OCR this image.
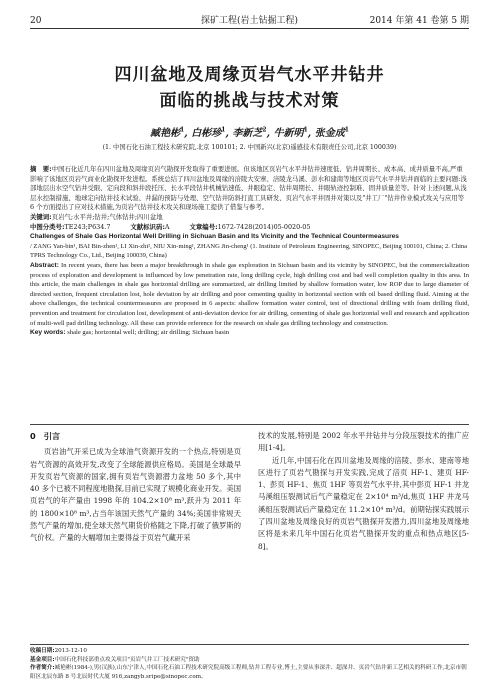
20	探矿工程(岩土钻掘工程)	2014 年第 41 卷第 5 期
四川盆地及周缘页岩气水平井钻井
面临的挑战与技术对策
臧艳彬$^1$, 白彬珍$^1$, 李新芝$^2$, 牛新明$^1$, 张金成$^1$
(1. 中国石化石油工程技术研究院,北京 100101; 2. 中国新兴(北京)遥感技术有限责任公司,北京 100039)

摘　要:中国石化近几年在四川盆地及周缘页岩气勘探开发取得了重要进展。但该地区页岩气水平井钻井速度低、钻井周期长、成本高、成井质量不高,严重影响了该地区页岩气商业化勘探开发进程。系统总结了四川盆地及周缘的涪陵大安寨、涪陵龙马溪、彭水和建南等地区页岩气水平井钻井面临的主要问题:浅部地层出水空气钻井受限、定向段和斜井段托压、长水平段钻井机械钻速低、井眼稳定、钻井周期长、井眼轨迹控制难、固井质量差等。针对上述问题,从浅层水控制措施、地球定向钻井技术试验、井漏的预防与处理、空气钻井防斜打直工具研发、页岩气水平井固井对策以及"井工厂"钻井作业模式攻关与应用等 6 个方面提出了应对技术措施,为页岩气钻井技术攻关和现场施工提供了借鉴与参考。

关键词:页岩气;水平井;钻井;气体钻井;四川盆地

中图分类号:TE243;P634.7	文献标识码:A	文章编号:1672-7428(2014)05-0020-05

Challenges of Shale Gas Horizontal Well Drilling in Sichuan Basin and Its Vicinity and the Technical Countermeasures

/ ZANG Yan-bin¹, BAI Bin-zhen¹, LI Xin-zhi², NIU Xin-ming¹, ZHANG Jin-cheng¹ (1. Institute of Petroleum Engineering, SINOPEC, Beijing 100101, China; 2. China TPRS Technology Co., Ltd., Beijing 100039, China)

Abstract: In recent years, there has been a major breakthrough in shale gas exploration in Sichuan basin and its vicinity by SINOPEC, but the commercialization process of exploration and development is influenced by low penetration rate, long drilling cycle, high drilling cost and bad well completion quality in this area. In this article, the main challenges in shale gas horizontal drilling are summarized, air drilling limited by shallow formation water, low ROP due to large diameter of directed section, frequent circulation lost, hole deviation by air drilling and poor cementing quality in horizontal section with oil based drilling fluid. Aiming at the above challenges, the technical countermeasures are proposed in 6 aspects: shallow formation water control, test of directional drilling with foam drilling fluid, prevention and treatment for circulation lost, development of anti-deviation device for air drilling, cementing of shale gas horizontal well and research and application of multi-well pad drilling technology. All these can provide reference for the research on shale gas drilling technology and construction.

Key words: shale gas; horizontal well; drilling; air drilling; Sichuan basin

0 引言

页岩油气开采已成为全球油气资源开发的一个热点,特别是页岩气资源的高效开发,改变了全球能源供应格局。美国是全球最早开发页岩气资源的国家,拥有页岩气资源潜力盆地 50 多个,其中 40 多个已被不同程度地勘探,目前已实现了规模化商业开发。美国页岩气的年产量由 1998 年的 104.2×10⁸ m³,跃升为 2011 年的 1800×10⁸ m³,占当年该国天然气产量的 34%;美国非常规天然气产量的增加,使全球天然气期货价格随之下降,打破了俄罗斯的气价权。产量的大幅增加主要得益于页岩气藏开采

技术的发展,特别是 2002 年水平井钻井与分段压裂技术的推广应用[1-4]。

近几年,中国石化在四川盆地及周缘的涪陵、彭水、建南等地区进行了页岩气勘探与开发实践,完成了涪页 HF-1、建页 HF-1、彭页 HF-1、焦页 1HF 等页岩气水平井,其中彭页 HF-1 井龙马溪组压裂测试后气产量稳定在 2×10⁴ m³/d,焦页 1HF 井龙马溪组压裂测试后产量稳定在 11.2×10⁴ m³/d。前期钻探实践展示了四川盆地及周缘良好的页岩气勘探开发潜力,四川盆地及周缘地区将是未来几年中国石化页岩气勘探开发的重点和热点地区[5-8]。

收稿日期:2013-12-10
基金项目:中国石化科技部重点攻关项目"页岩气井工厂技术研究"资助
作者简介:臧艳彬(1984-),男(汉族),山东宁津人,中国石化石油工程技术研究院高级工程师,钻井工程专业,博士,主要从事深井、超深井、页岩气钻井新工艺相关的科研工作,北京市朝阳区北辰东路 8 号北辰时代大厦 916,zangyb.sripe@sinopec.com。
